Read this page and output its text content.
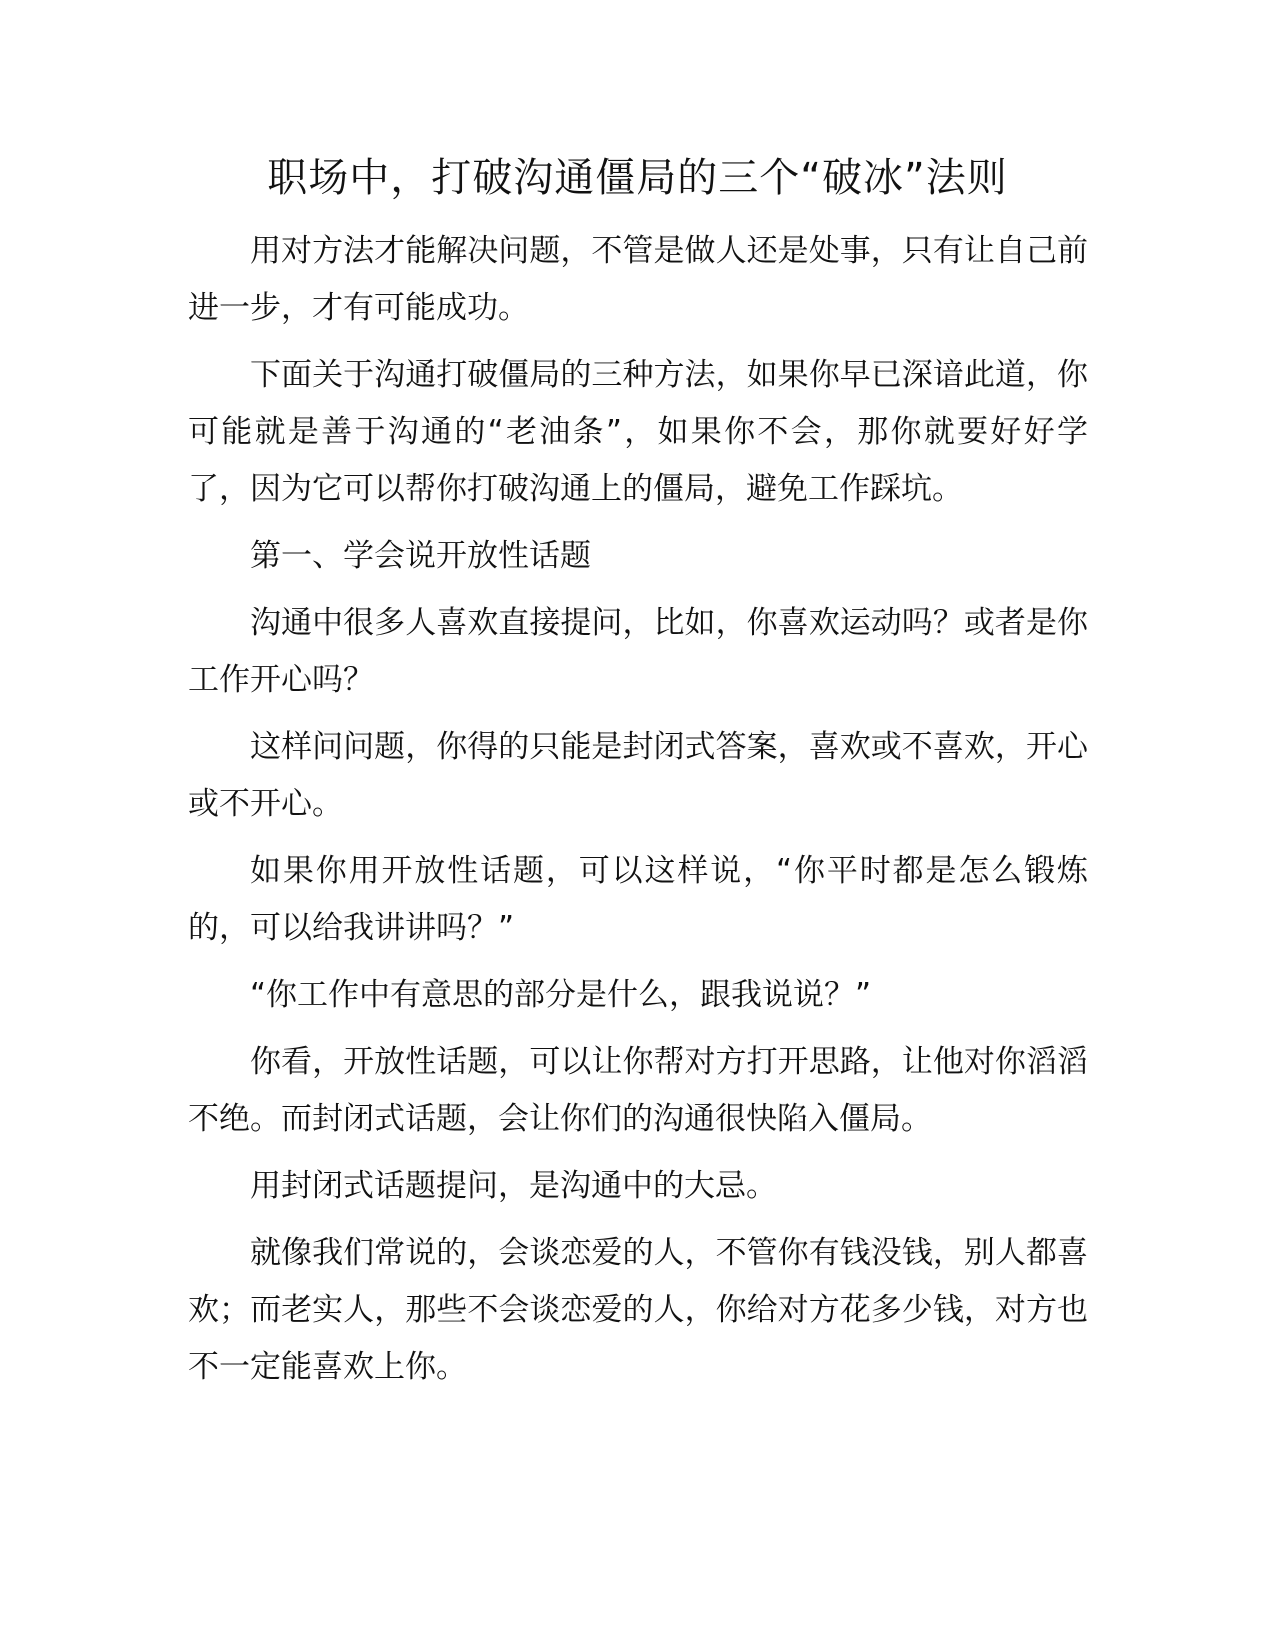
职场中，打破沟通僵局的三个“破冰”法则

用对方法才能解决问题，不管是做人还是处事，只有让自己前进一步，才有可能成功。

下面关于沟通打破僵局的三种方法，如果你早已深谙此道，你可能就是善于沟通的“老油条”，如果你不会，那你就要好好学了，因为它可以帮你打破沟通上的僵局，避免工作踩坑。

第一、学会说开放性话题

沟通中很多人喜欢直接提问，比如，你喜欢运动吗？或者是你工作开心吗？

这样问问题，你得的只能是封闭式答案，喜欢或不喜欢，开心或不开心。

如果你用开放性话题，可以这样说，“你平时都是怎么锻炼的，可以给我讲讲吗？”

“你工作中有意思的部分是什么，跟我说说？”

你看，开放性话题，可以让你帮对方打开思路，让他对你滔滔不绝。而封闭式话题，会让你们的沟通很快陷入僵局。

用封闭式话题提问，是沟通中的大忌。

就像我们常说的，会谈恋爱的人，不管你有钱没钱，别人都喜欢；而老实人，那些不会谈恋爱的人，你给对方花多少钱，对方也不一定能喜欢上你。
